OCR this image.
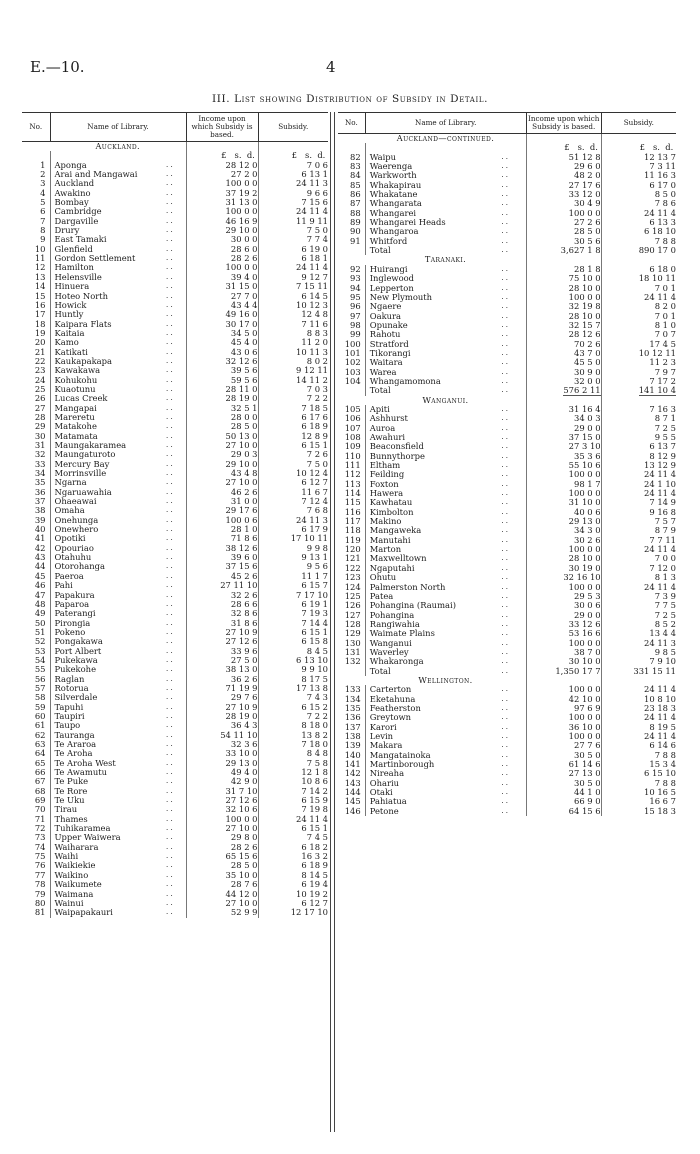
E.—10.	4
III. List showing Distribution of Subsidy in Detail.
No.	Name of Library.		Income upon which Subsidy is based.	Subsidy.
	Auckland.			
			£ s. d.	£ s. d.
1	Aponga	. .	28 12 0	7 0 6
2	Arai and Mangawai	. .	27 2 0	6 13 1
3	Auckland	. .	100 0 0	24 11 3
4	Awakino	. .	37 19 2	9 6 6
5	Bombay	. .	31 13 0	7 15 6
6	Cambridge	. .	100 0 0	24 11 4
7	Dargaville	. .	46 16 9	11 9 11
8	Drury	. .	29 10 0	7 5 0
9	East Tamaki	. .	30 0 0	7 7 4
10	Glenfield	. .	28 6 0	6 19 0
11	Gordon Settlement	. .	28 2 6	6 18 1
12	Hamilton	. .	100 0 0	24 11 4
13	Helensville	. .	39 4 0	9 12 7
14	Hinuera	. .	31 15 0	7 15 11
15	Hoteo North	. .	27 7 0	6 14 5
16	Howick	. .	43 4 4	10 12 3
17	Huntly	. .	49 16 0	12 4 8
18	Kaipara Flats	. .	30 17 0	7 11 6
19	Kaitaia	. .	34 5 0	8 8 3
20	Kamo	. .	45 4 0	11 2 0
21	Katikati	. .	43 0 6	10 11 3
22	Kaukapakapa	. .	32 12 6	8 0 2
23	Kawakawa	. .	39 5 6	9 12 11
24	Kohukohu	. .	59 5 6	14 11 2
25	Kuaotunu	. .	28 11 0	7 0 3
26	Lucas Creek	. .	28 19 0	7 2 2
27	Mangapai	. .	32 5 1	7 18 5
28	Mareretu	. .	28 0 0	6 17 6
29	Matakohe	. .	28 5 0	6 18 9
30	Matamata	. .	50 13 0	12 8 9
31	Maungakaramea	. .	27 10 0	6 15 1
32	Maungaturoto	. .	29 0 3	7 2 6
33	Mercury Bay	. .	29 10 0	7 5 0
34	Morrinsville	. .	43 4 8	10 12 4
35	Ngarna	. .	27 10 0	6 12 7
36	Ngaruawahia	. .	46 2 6	11 6 7
37	Ohaeawai	. .	31 0 0	7 12 4
38	Omaha	. .	29 17 6	7 6 8
39	Onehunga	. .	100 0 6	24 11 3
40	Onewhero	. .	28 1 0	6 17 9
41	Opotiki	. .	71 8 6	17 10 11
42	Opouriao	. .	38 12 6	9 9 8
43	Otahuhu	. .	39 6 0	9 13 1
44	Otorohanga	. .	37 15 6	9 5 6
45	Paeroa	. .	45 2 6	11 1 7
46	Pahi	. .	27 11 10	6 15 7
47	Papakura	. .	32 2 6	7 17 10
48	Paparoa	. .	28 6 6	6 19 1
49	Paterangi	. .	32 8 6	7 19 3
50	Pirongia	. .	31 8 6	7 14 4
51	Pokeno	. .	27 10 9	6 15 1
52	Pongakawa	. .	27 12 6	6 15 8
53	Port Albert	. .	33 9 6	8 4 5
54	Pukekawa	. .	27 5 0	6 13 10
55	Pukekohe	. .	38 13 0	9 9 10
56	Raglan	. .	36 2 6	8 17 5
57	Rotorua	. .	71 19 9	17 13 8
58	Silverdale	. .	29 7 6	7 4 3
59	Tapuhi	. .	27 10 9	6 15 2
60	Taupiri	. .	28 19 0	7 2 2
61	Taupo	. .	36 4 3	8 18 0
62	Tauranga	. .	54 11 10	13 8 2
63	Te Araroa	. .	32 3 6	7 18 0
64	Te Aroha	. .	33 10 0	8 4 8
65	Te Aroha West	. .	29 13 0	7 5 8
66	Te Awamutu	. .	49 4 0	12 1 8
67	Te Puke	. .	42 9 0	10 8 6
68	Te Rore	. .	31 7 10	7 14 2
69	Te Uku	. .	27 12 6	6 15 9
70	Tirau	. .	32 10 6	7 19 8
71	Thames	. .	100 0 0	24 11 4
72	Tuhikaramea	. .	27 10 0	6 15 1
73	Upper Waiwera	. .	29 8 0	7 4 5
74	Waiharara	. .	28 2 6	6 18 2
75	Waihi	. .	65 15 6	16 3 2
76	Waikiekie	. .	28 5 0	6 18 9
77	Waikino	. .	35 10 0	8 14 5
78	Waikumete	. .	28 7 6	6 19 4
79	Waimana	. .	44 12 0	10 19 2
80	Wainui	. .	27 10 0	6 12 7
81	Waipapakauri	. .	52 9 9	12 17 10
No.	Name of Library.		Income upon which Subsidy is based.	Subsidy.
	Auckland—continued.			
			£ s. d.	£ s. d.
82	Waipu	. .	51 12 8	12 13 7
83	Waerenga	. .	29 6 0	7 3 11
84	Warkworth	. .	48 2 0	11 16 3
85	Whakapirau	. .	27 17 6	6 17 0
86	Whakatane	. .	33 12 0	8 5 0
87	Whangarata	. .	30 4 9	7 8 6
88	Whangarei	. .	100 0 0	24 11 4
89	Whangarei Heads	. .	27 2 6	6 13 3
90	Whangaroa	. .	28 5 0	6 18 10
91	Whitford	. .	30 5 6	7 8 8
	Total	. .	3,627 1 8	890 17 0
	Taranaki.			
92	Huirangi	. .	28 1 8	6 18 0
93	Inglewood	. .	75 10 0	18 10 11
94	Lepperton	. .	28 10 0	7 0 1
95	New Plymouth	. .	100 0 0	24 11 4
96	Ngaere	. .	32 19 8	8 2 0
97	Oakura	. .	28 10 0	7 0 1
98	Opunake	. .	32 15 7	8 1 0
99	Rahotu	. .	28 12 6	7 0 7
100	Stratford	. .	70 2 6	17 4 5
101	Tikorangi	. .	43 7 0	10 12 11
102	Waitara	. .	45 5 0	11 2 3
103	Warea	. .	30 9 0	7 9 7
104	Whangamomona	. .	32 0 0	7 17 2
	Total	. .	576 2 11	141 10 4
	Wanganui.			
105	Apiti	. .	31 16 4	7 16 3
106	Ashhurst	. .	34 0 3	8 7 1
107	Auroa	. .	29 0 0	7 2 5
108	Awahuri	. .	37 15 0	9 5 5
109	Beaconsfield	. .	27 3 10	6 13 7
110	Bunnythorpe	. .	35 3 6	8 12 9
111	Eltham	. .	55 10 6	13 12 9
112	Feilding	. .	100 0 0	24 11 4
113	Foxton	. .	98 1 7	24 1 10
114	Hawera	. .	100 0 0	24 11 4
115	Kawhatau	. .	31 10 0	7 14 9
116	Kimbolton	. .	40 0 6	9 16 8
117	Makino	. .	29 13 0	7 5 7
118	Mangaweka	. .	34 3 0	8 7 9
119	Manutahi	. .	30 2 6	7 7 11
120	Marton	. .	100 0 0	24 11 4
121	Maxwelltown	. .	28 10 0	7 0 0
122	Ngaputahi	. .	30 19 0	7 12 0
123	Ohutu	. .	32 16 10	8 1 3
124	Palmerston North	. .	100 0 0	24 11 4
125	Patea	. .	29 5 3	7 3 9
126	Pohangina (Raumai)	. .	30 0 6	7 7 5
127	Pohangina	. .	29 0 0	7 2 5
128	Rangiwahia	. .	33 12 6	8 5 2
129	Waimate Plains	. .	53 16 6	13 4 4
130	Wanganui	. .	100 0 0	24 11 3
131	Waverley	. .	38 7 0	9 8 5
132	Whakaronga	. .	30 10 0	7 9 10
	Total	. .	1,350 17 7	331 15 11
	Wellington.			
133	Carterton	. .	100 0 0	24 11 4
134	Eketahuna	. .	42 10 0	10 8 10
135	Featherston	. .	97 6 9	23 18 3
136	Greytown	. .	100 0 0	24 11 4
137	Karori	. .	36 10 0	8 19 5
138	Levin	. .	100 0 0	24 11 4
139	Makara	. .	27 7 6	6 14 6
140	Mangatainoka	. .	30 5 0	7 8 8
141	Martinborough	. .	61 14 6	15 3 4
142	Nireaha	. .	27 13 0	6 15 10
143	Ohariu	. .	30 5 0	7 8 8
144	Otaki	. .	44 1 0	10 16 5
145	Pahiatua	. .	66 9 0	16 6 7
146	Petone	. .	64 15 6	15 18 3
